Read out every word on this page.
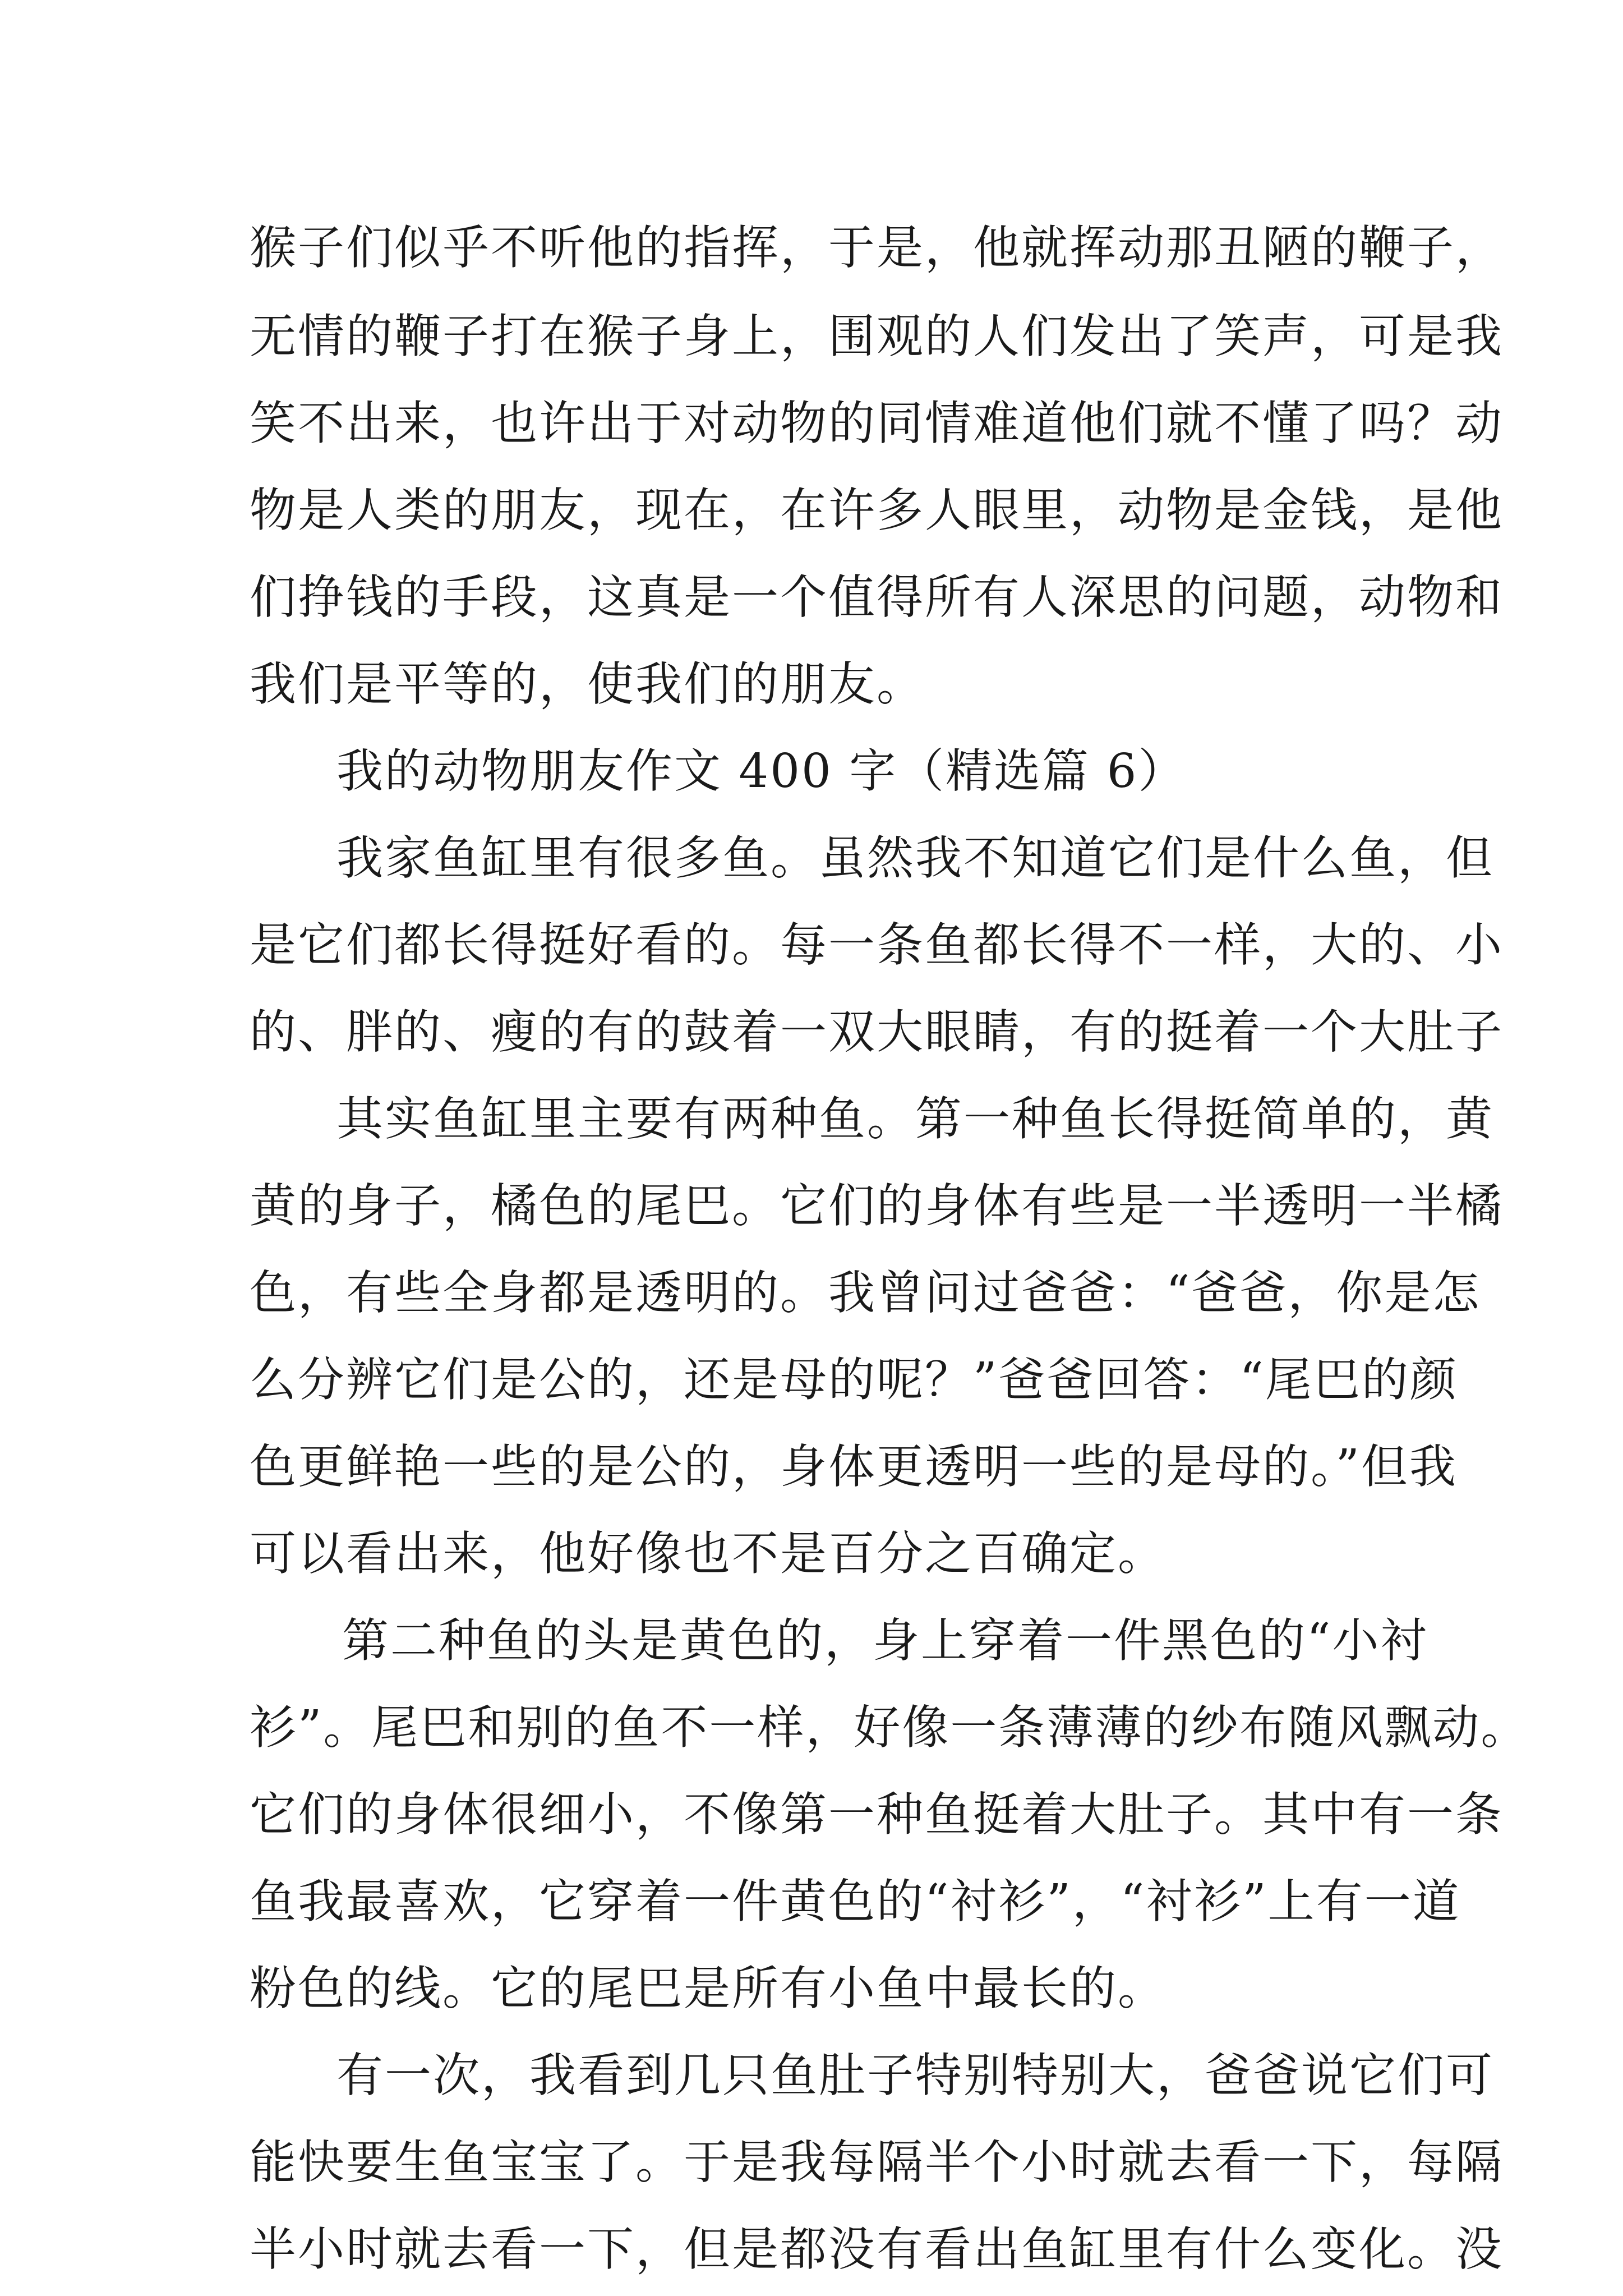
猴子们似乎不听他的指挥，于是，他就挥动那丑陋的鞭子，
无情的鞭子打在猴子身上，围观的人们发出了笑声，可是我
笑不出来，也许出于对动物的同情难道他们就不懂了吗？动
物是人类的朋友，现在，在许多人眼里，动物是金钱，是他
们挣钱的手段，这真是一个值得所有人深思的问题，动物和
我们是平等的，使我们的朋友。
我的动物朋友作文 400 字（精选篇 6）
我家鱼缸里有很多鱼。虽然我不知道它们是什么鱼，但
是它们都长得挺好看的。每一条鱼都长得不一样，大的、小
的、胖的、瘦的有的鼓着一双大眼睛，有的挺着一个大肚子
其实鱼缸里主要有两种鱼。第一种鱼长得挺简单的，黄
黄的身子，橘色的尾巴。它们的身体有些是一半透明一半橘
色，有些全身都是透明的。我曾问过爸爸：“爸爸，你是怎
么分辨它们是公的，还是母的呢？”爸爸回答：“尾巴的颜
色更鲜艳一些的是公的，身体更透明一些的是母的。”但我
可以看出来，他好像也不是百分之百确定。
第二种鱼的头是黄色的，身上穿着一件黑色的“小衬
衫”。尾巴和别的鱼不一样，好像一条薄薄的纱布随风飘动。
它们的身体很细小，不像第一种鱼挺着大肚子。其中有一条
鱼我最喜欢，它穿着一件黄色的“衬衫”，“衬衫”上有一道
粉色的线。它的尾巴是所有小鱼中最长的。
有一次，我看到几只鱼肚子特别特别大，爸爸说它们可
能快要生鱼宝宝了。于是我每隔半个小时就去看一下，每隔
半小时就去看一下，但是都没有看出鱼缸里有什么变化。没
